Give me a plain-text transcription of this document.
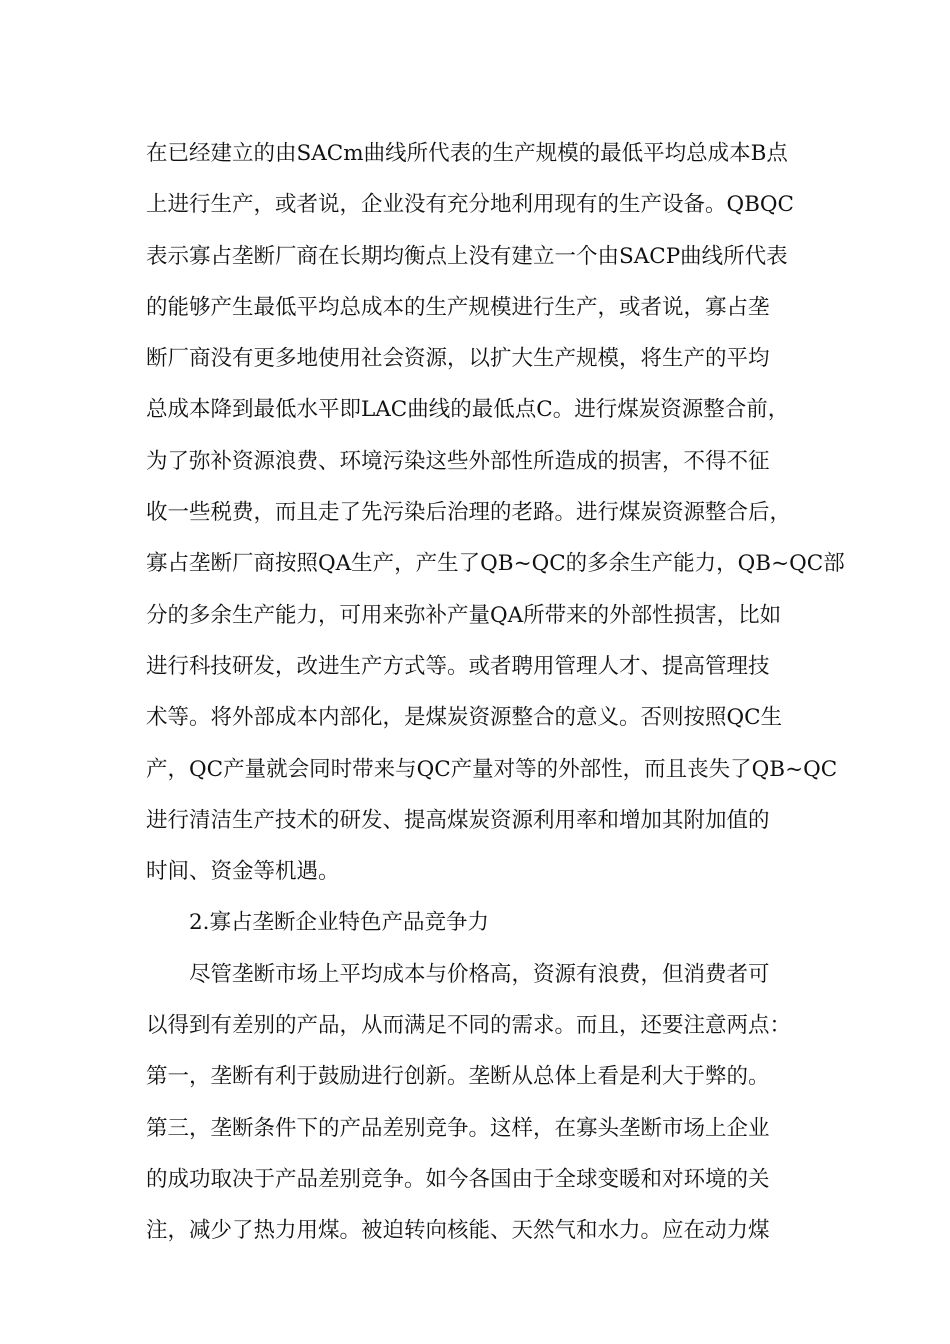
在已经建立的由SACm曲线所代表的生产规模的最低平均总成本B点
上进行生产，或者说，企业没有充分地利用现有的生产设备。QBQC
表示寡占垄断厂商在长期均衡点上没有建立一个由SACP曲线所代表
的能够产生最低平均总成本的生产规模进行生产，或者说，寡占垄
断厂商没有更多地使用社会资源，以扩大生产规模，将生产的平均
总成本降到最低水平即LAC曲线的最低点C。进行煤炭资源整合前，
为了弥补资源浪费、环境污染这些外部性所造成的损害，不得不征
收一些税费，而且走了先污染后治理的老路。进行煤炭资源整合后，
寡占垄断厂商按照QA生产，产生了QB~QC的多余生产能力，QB~QC部
分的多余生产能力，可用来弥补产量QA所带来的外部性损害，比如
进行科技研发，改进生产方式等。或者聘用管理人才、提高管理技
术等。将外部成本内部化，是煤炭资源整合的意义。否则按照QC生
产，QC产量就会同时带来与QC产量对等的外部性，而且丧失了QB~QC
进行清洁生产技术的研发、提高煤炭资源利用率和增加其附加值的
时间、资金等机遇。
2.寡占垄断企业特色产品竞争力
尽管垄断市场上平均成本与价格高，资源有浪费，但消费者可
以得到有差别的产品，从而满足不同的需求。而且，还要注意两点：
第一，垄断有利于鼓励进行创新。垄断从总体上看是利大于弊的。
第三，垄断条件下的产品差别竞争。这样，在寡头垄断市场上企业
的成功取决于产品差别竞争。如今各国由于全球变暖和对环境的关
注，减少了热力用煤。被迫转向核能、天然气和水力。应在动力煤
